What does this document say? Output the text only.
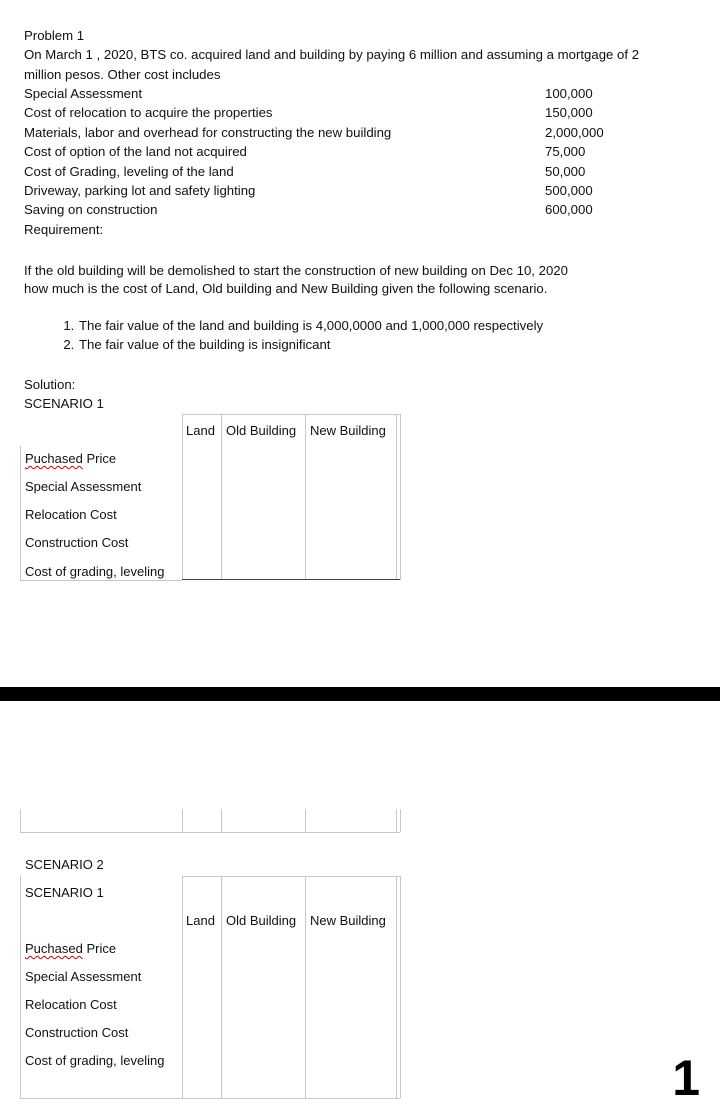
Problem 1
On March 1 , 2020, BTS co. acquired land and building by paying 6 million and assuming a mortgage of 2
million pesos. Other cost includes
Special Assessment	100,000
Cost of relocation to acquire the properties	150,000
Materials, labor and overhead for constructing the new building	2,000,000
Cost of option of the land not acquired	75,000
Cost of Grading, leveling of the land	50,000
Driveway, parking lot and safety lighting	500,000
Saving on construction	600,000
Requirement:
If the old building will be demolished to start the construction of new building on Dec 10, 2020
how much is the cost of Land, Old building and New Building given the following scenario.
1. The fair value of the land and building is 4,000,0000 and 1,000,000 respectively
2. The fair value of the building is insignificant
Solution:
SCENARIO 1
Land Old Building New Building
Puchased Price
Special Assessment
Relocation Cost
Construction Cost
Cost of grading, leveling
SCENARIO 2
SCENARIO 1
Land Old Building New Building
Puchased Price
Special Assessment
Relocation Cost
Construction Cost
Cost of grading, leveling	1
